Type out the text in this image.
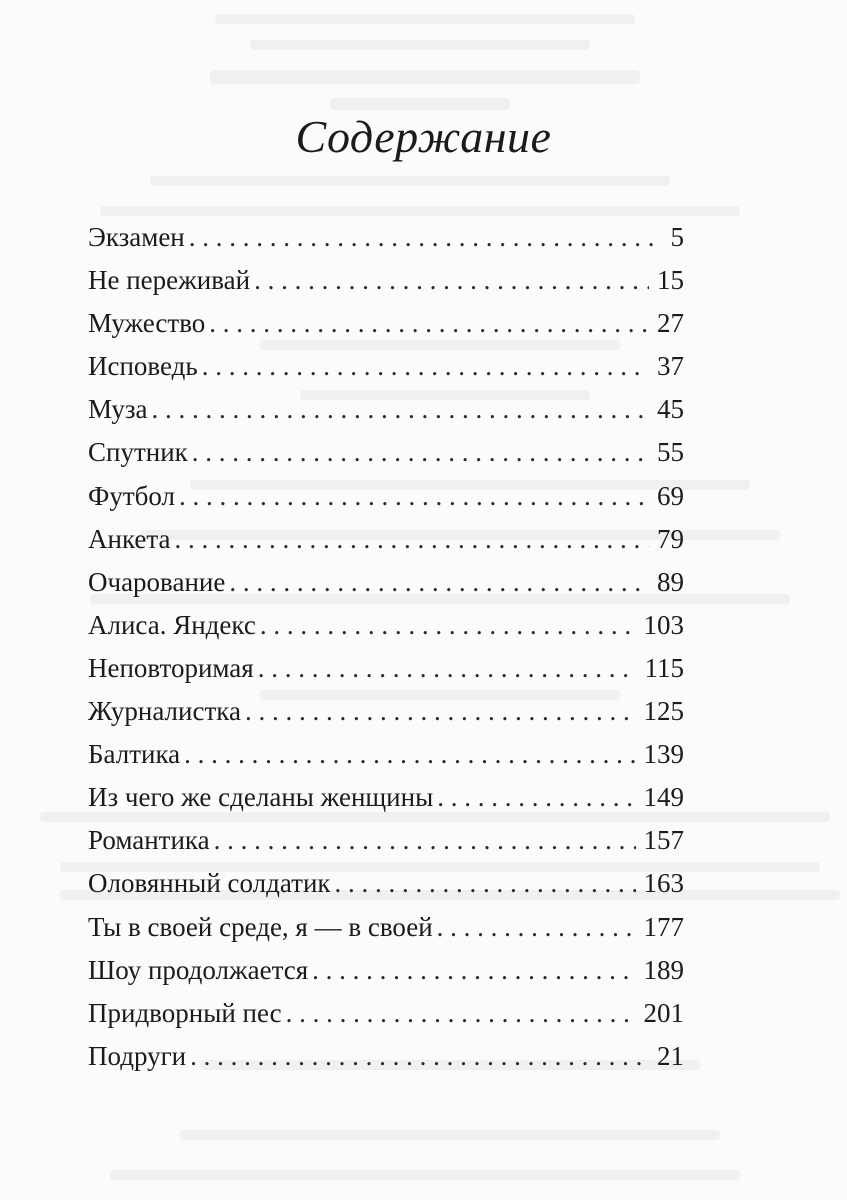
Содержание
Экзамен . . .	5
Не переживай . . .	15
Мужество . . .	27
Исповедь . . .	37
Муза . . .	45
Спутник . . .	55
Футбол . . .	69
Анкета . . .	79
Очарование . . .	89
Алиса. Яндекс . . .	103
Неповторимая . . .	115
Журналистка . . .	125
Балтика . . .	139
Из чего же сделаны женщины . . .	149
Романтика . . .	157
Оловянный солдатик . . .	163
Ты в своей среде, я — в своей . . .	177
Шоу продолжается . . .	189
Придворный пес . . .	201
Подруги . . .	21
